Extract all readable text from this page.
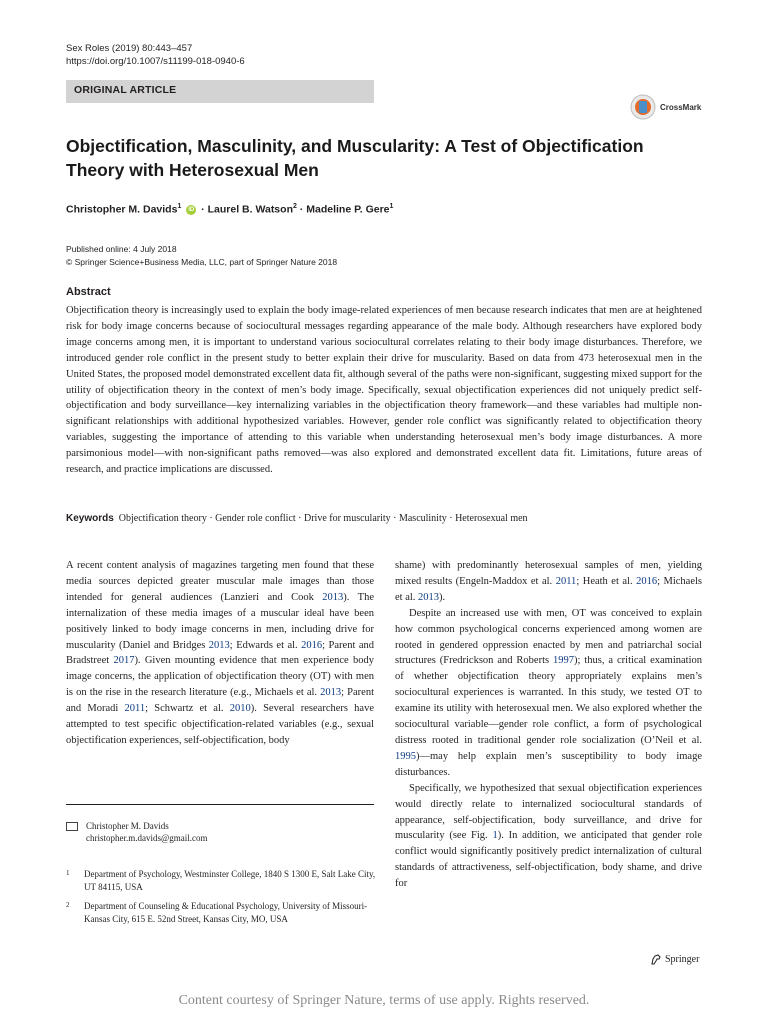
Sex Roles (2019) 80:443–457
https://doi.org/10.1007/s11199-018-0940-6
ORIGINAL ARTICLE
CrossMark
Objectification, Masculinity, and Muscularity: A Test of Objectification Theory with Heterosexual Men
Christopher M. Davids$^1$ iD · Laurel B. Watson$^2$ · Madeline P. Gere$^1$
Published online: 4 July 2018
© Springer Science+Business Media, LLC, part of Springer Nature 2018
Abstract
Objectification theory is increasingly used to explain the body image-related experiences of men because research indicates that men are at heightened risk for body image concerns because of sociocultural messages regarding appearance of the male body. Although researchers have explored body image concerns among men, it is important to understand various sociocultural correlates relating to their body image disturbances. Therefore, we introduced gender role conflict in the present study to better explain their drive for muscularity. Based on data from 473 heterosexual men in the United States, the proposed model demonstrated excellent data fit, although several of the paths were non-significant, suggesting mixed support for the utility of objectification theory in the context of men’s body image. Specifically, sexual objectification experiences did not uniquely predict self-objectification and body surveillance—key internalizing variables in the objectification theory framework—and these variables had multiple non-significant relationships with additional hypothesized variables. However, gender role conflict was significantly related to objectification theory variables, suggesting the importance of attending to this variable when understanding heterosexual men’s body image disturbances. A more parsimonious model—with non-significant paths removed—was also explored and demonstrated excellent data fit. Limitations, future areas of research, and practice implications are discussed.
Keywords Objectification theory · Gender role conflict · Drive for muscularity · Masculinity · Heterosexual men

A recent content analysis of magazines targeting men found that these media sources depicted greater muscular male images than those intended for general audiences (Lanzieri and Cook 2013). The internalization of these media images of a muscular ideal have been positively linked to body image concerns in men, including drive for muscularity (Daniel and Bridges 2013; Edwards et al. 2016; Parent and Bradstreet 2017). Given mounting evidence that men experience body image concerns, the application of objectification theory (OT) with men is on the rise in the research literature (e.g., Michaels et al. 2013; Parent and Moradi 2011; Schwartz et al. 2010). Several researchers have attempted to test specific objectification-related variables (e.g., sexual objectification experiences, self-objectification, body

shame) with predominantly heterosexual samples of men, yielding mixed results (Engeln-Maddox et al. 2011; Heath et al. 2016; Michaels et al. 2013).

Despite an increased use with men, OT was conceived to explain how common psychological concerns experienced among women are rooted in gendered oppression enacted by men and patriarchal social structures (Fredrickson and Roberts 1997); thus, a critical examination of whether objectification theory appropriately explains men’s sociocultural experiences is warranted. In this study, we tested OT to examine its utility with heterosexual men. We also explored whether the sociocultural variable—gender role conflict, a form of psychological distress rooted in traditional gender role socialization (O’Neil et al. 1995)—may help explain men’s susceptibility to body image disturbances.

Specifically, we hypothesized that sexual objectification experiences would directly relate to internalized sociocultural standards of appearance, self-objectification, body surveillance, and drive for muscularity (see Fig. 1). In addition, we anticipated that gender role conflict would significantly positively predict internalization of cultural standards of attractiveness, self-objectification, body shame, and drive for

Christopher M. Davids
christopher.m.davids@gmail.com
1 Department of Psychology, Westminster College, 1840 S 1300 E, Salt Lake City, UT 84115, USA
2 Department of Counseling & Educational Psychology, University of Missouri-Kansas City, 615 E. 52nd Street, Kansas City, MO, USA
Springer
Content courtesy of Springer Nature, terms of use apply. Rights reserved.
